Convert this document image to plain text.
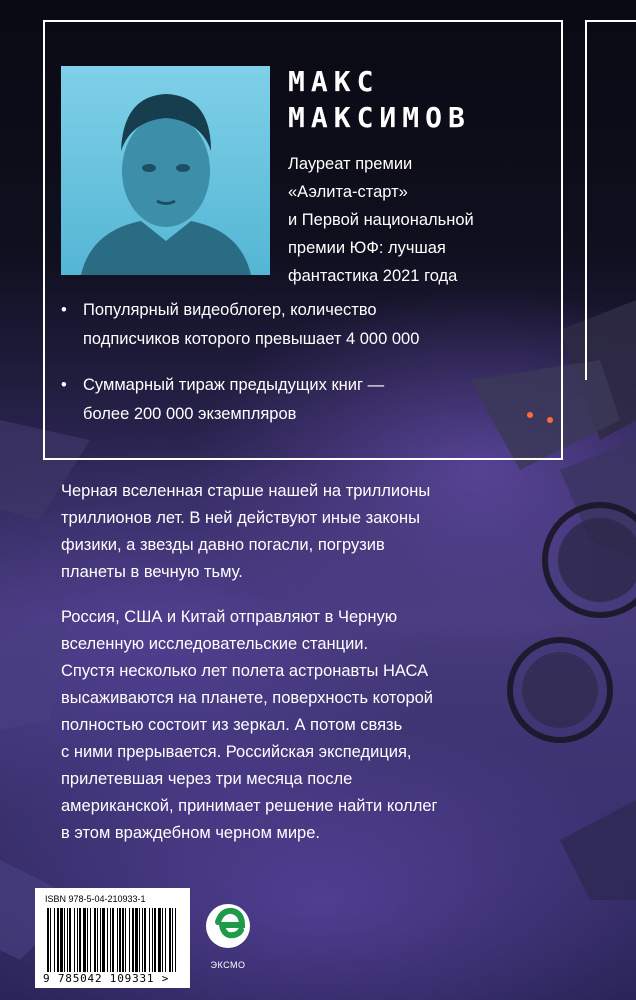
МАКС
МАКСИМОВ
Лауреат премии
«Аэлита-старт»
и Первой национальной
премии ЮФ: лучшая
фантастика 2021 года
• Популярный видеоблогер, количество
подписчиков которого превышает 4 000 000
• Суммарный тираж предыдущих книг —
более 200 000 экземпляров

Черная вселенная старше нашей на триллионы
триллионов лет. В ней действуют иные законы
физики, а звезды давно погасли, погрузив
планеты в вечную тьму.

Россия, США и Китай отправляют в Черную
вселенную исследовательские станции.
Спустя несколько лет полета астронавты НАСА
высаживаются на планете, поверхность которой
полностью состоит из зеркал. А потом связь
с ними прерывается. Российская экспедиция,
прилетевшая через три месяца после
американской, принимает решение найти коллег
в этом враждебном черном мире.

ISBN 978-5-04-210933-1
9 785042 109331 >
ЭКСМО
